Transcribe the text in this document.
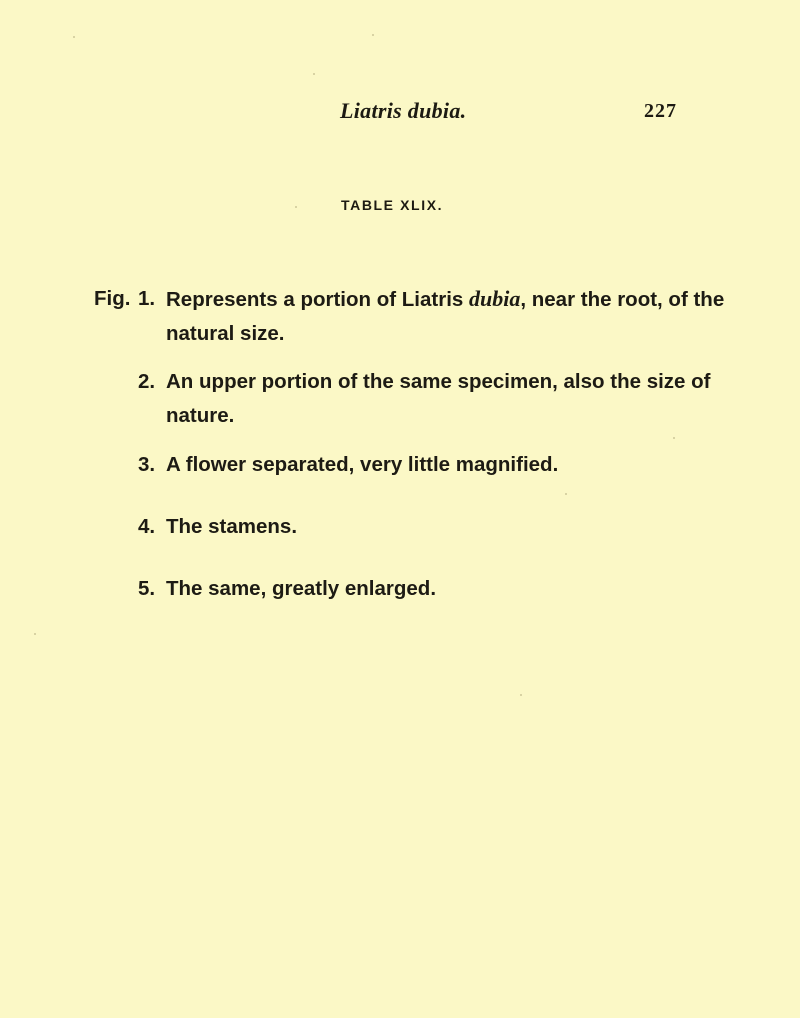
Liatris dubia.	227
TABLE XLIX.
Fig. 1. Represents a portion of Liatris dubia, near the root, of the natural size.
2. An upper portion of the same specimen, also the size of nature.
3. A flower separated, very little magnified.
4. The stamens.
5. The same, greatly enlarged.
